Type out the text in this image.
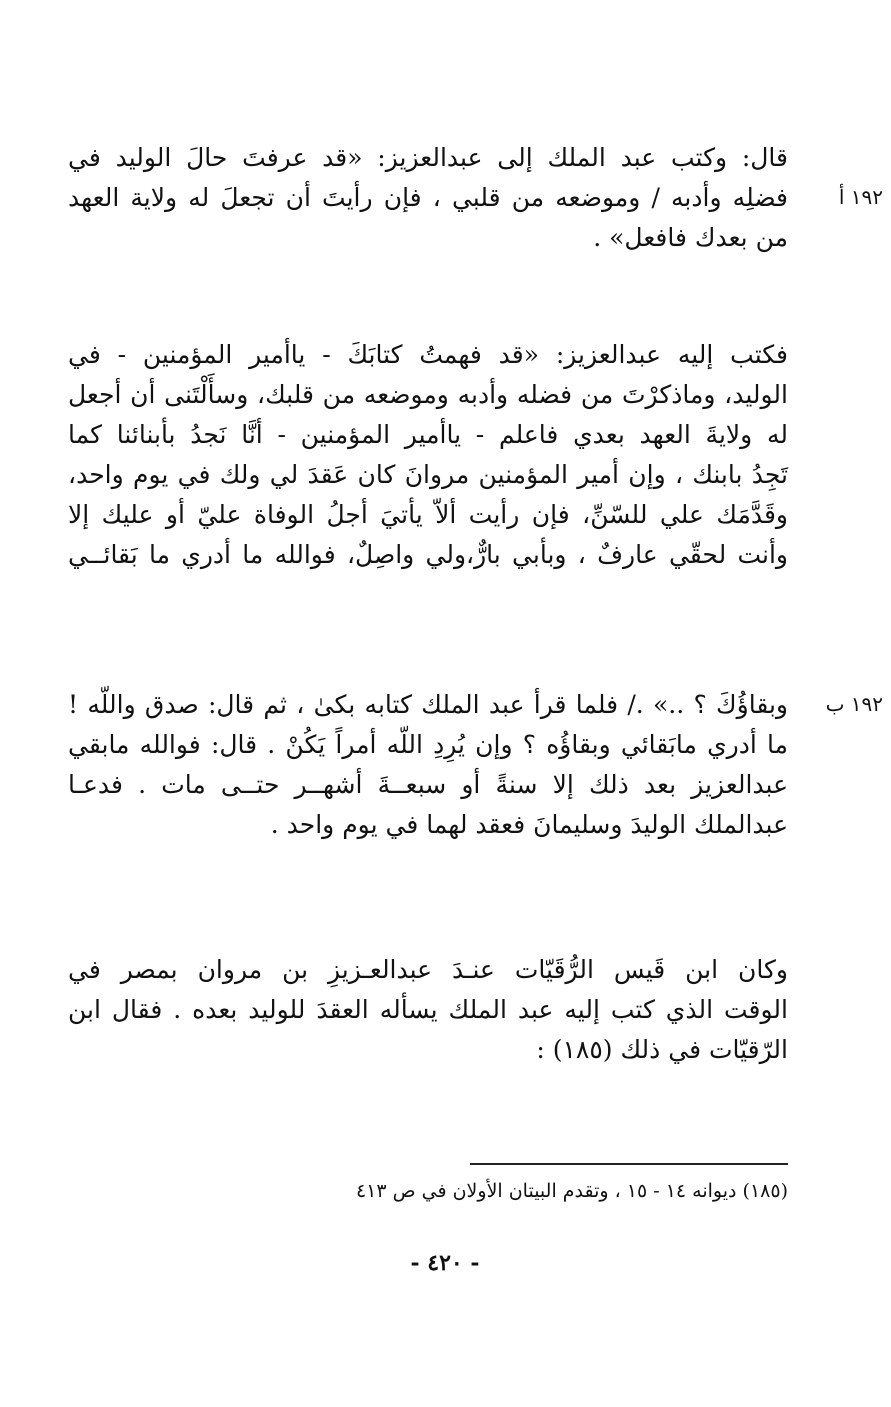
قال: وكتب عبد الملك إلى عبدالعزيز: «قد عرفتَ حالَ الوليد في
١٩٢ أ
فضلِه وأدبه / وموضعه من قلبي ، فإن رأيتَ أن تجعلَ له ولاية العهد
من بعدك فافعل» .
فكتب إليه عبدالعزيز: «قد فهمتُ كتابَكَ - ياأمير المؤمنين - في
الوليد، وماذكرْتَ من فضله وأدبه وموضعه من قلبك، وسأَلْتَنى أن أجعل
له ولايةَ العهد بعدي فاعلم - ياأمير المؤمنين - أنَّا نَجدُ بأبنائنا كما
تَجِدُ بابنك ، وإن أمير المؤمنين مروانَ كان عَقدَ لي ولك في يوم واحد،
وقَدَّمَك علي للسّنِّ، فإن رأيت ألاّ يأتيَ أجلُ الوفاة عليّ أو عليك إلا
وأنت لحقّي عارفٌ ، وبأبي بارٌّ،ولي واصِلٌ، فوالله ما أدري ما بَقائــي
١٩٢ ب
وبقاؤُكَ ؟ ..» ./ فلما قرأ عبد الملك كتابه بكىٰ ، ثم قال: صدق واللّه !
ما أدري مابَقائي وبقاؤُه ؟ وإن يُرِدِ اللّه أمراً يَكُنْ . قال: فوالله مابقي
عبدالعزيز بعد ذلك إلا سنةً أو سبعــةَ أشهــر حتــى مات . فدعـا
عبدالملك الوليدَ وسليمانَ فعقد لهما في يوم واحد .
وكان ابن قَيس الرُّقَيّات عنـدَ عبدالعـزيزِ بن مروان بمصر في
الوقت الذي كتب إليه عبد الملك يسأله العقدَ للوليد بعده . فقال ابن
الرّقيّات في ذلك (١٨٥) :
(١٨٥) ديوانه ١٤ - ١٥ ، وتقدم البيتان الأولان في ص ٤١٣
- ٤٢٠ -
